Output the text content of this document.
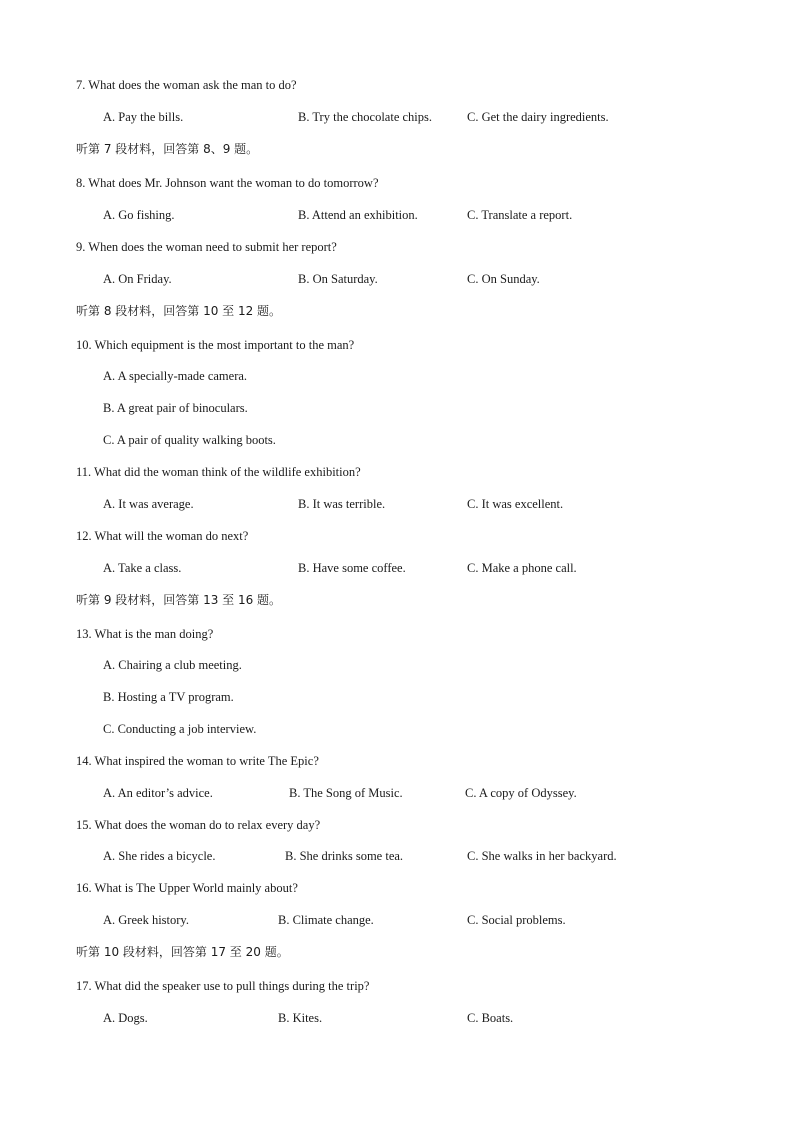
7. What does the woman ask the man to do?
A. Pay the bills.	B. Try the chocolate chips.	C. Get the dairy ingredients.
听第 7 段材料，回答第 8、9 题。
8. What does Mr. Johnson want the woman to do tomorrow?
A. Go fishing.	B. Attend an exhibition.	C. Translate a report.
9. When does the woman need to submit her report?
A. On Friday.	B. On Saturday.	C. On Sunday.
听第 8 段材料，回答第 10 至 12 题。
10. Which equipment is the most important to the man?
A. A specially-made camera.
B. A great pair of binoculars.
C. A pair of quality walking boots.
11. What did the woman think of the wildlife exhibition?
A. It was average.	B. It was terrible.	C. It was excellent.
12. What will the woman do next?
A. Take a class.	B. Have some coffee.	C. Make a phone call.
听第 9 段材料，回答第 13 至 16 题。
13. What is the man doing?
A. Chairing a club meeting.
B. Hosting a TV program.
C. Conducting a job interview.
14. What inspired the woman to write The Epic?
A. An editor’s advice.	B. The Song of Music.	C. A copy of Odyssey.
15. What does the woman do to relax every day?
A. She rides a bicycle.	B. She drinks some tea.	C. She walks in her backyard.
16. What is The Upper World mainly about?
A. Greek history.	B. Climate change.	C. Social problems.
听第 10 段材料，回答第 17 至 20 题。
17. What did the speaker use to pull things during the trip?
A. Dogs.	B. Kites.	C. Boats.
